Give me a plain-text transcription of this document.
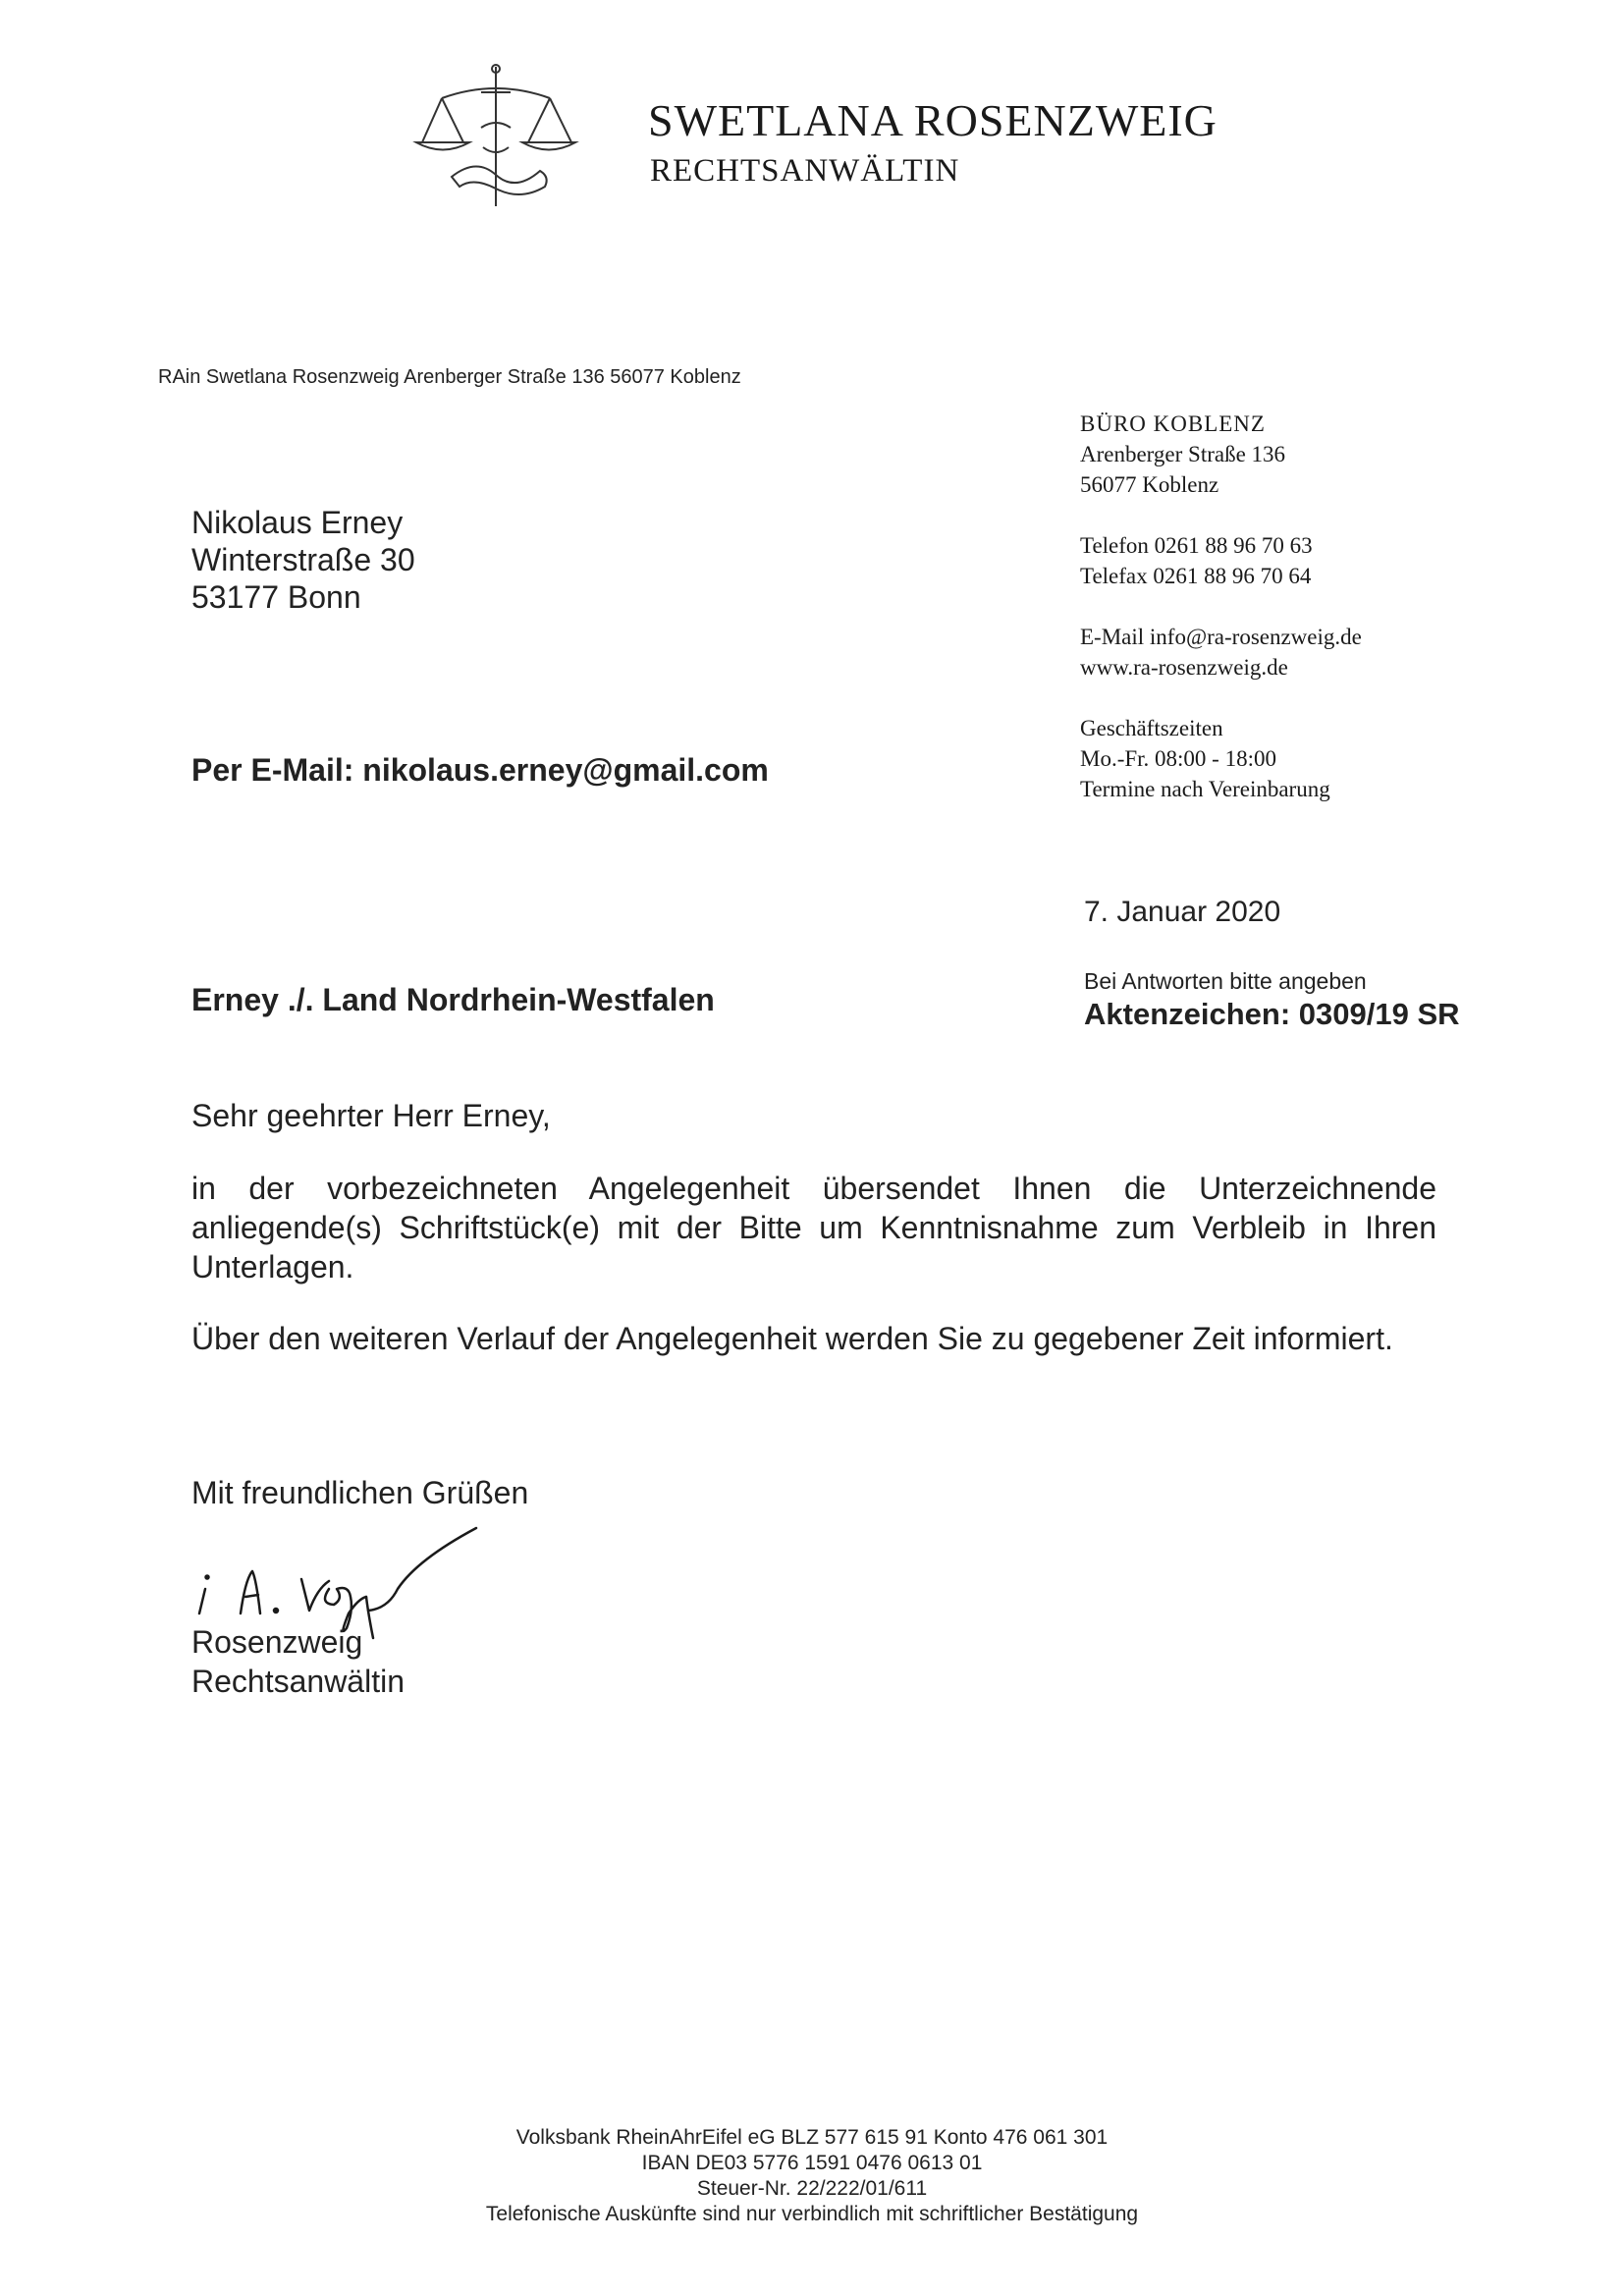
SWETLANA ROSENZWEIG
RECHTSANWÄLTIN
RAin Swetlana Rosenzweig Arenberger Straße 136 56077 Koblenz
Nikolaus Erney
Winterstraße 30
53177 Bonn
Per E-Mail: nikolaus.erney@gmail.com
BÜRO KOBLENZ
Arenberger Straße 136
56077 Koblenz
Telefon 0261 88 96 70 63
Telefax 0261 88 96 70 64
E-Mail info@ra-rosenzweig.de
www.ra-rosenzweig.de
Geschäftszeiten
Mo.-Fr. 08:00 - 18:00
Termine nach Vereinbarung
7. Januar 2020
Erney ./. Land Nordrhein-Westfalen
Bei Antworten bitte angeben
Aktenzeichen: 0309/19 SR
Sehr geehrter Herr Erney,

in der vorbezeichneten Angelegenheit übersendet Ihnen die Unterzeichnende anliegende(s) Schriftstück(e) mit der Bitte um Kenntnisnahme zum Verbleib in Ihren Unterlagen.

Über den weiteren Verlauf der Angelegenheit werden Sie zu gegebener Zeit informiert.

Mit freundlichen Grüßen
Rosenzweig
Rechtsanwältin
Volksbank RheinAhrEifel eG BLZ 577 615 91 Konto 476 061 301
IBAN DE03 5776 1591 0476 0613 01
Steuer-Nr. 22/222/01/611
Telefonische Auskünfte sind nur verbindlich mit schriftlicher Bestätigung
